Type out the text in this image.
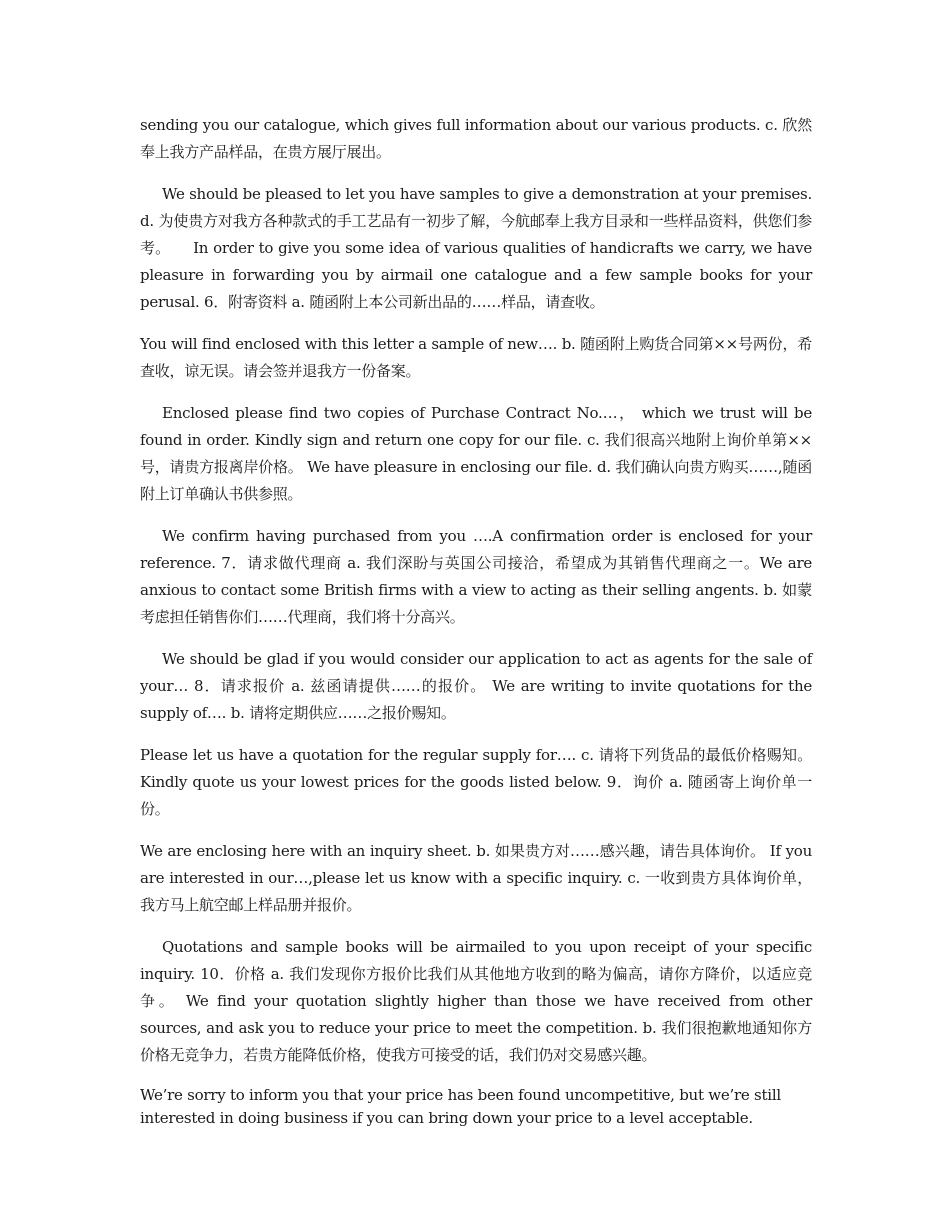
sending you our catalogue, which gives full information about our various products. c. 欣然奉上我方产品样品，在贵方展厅展出。

We should be pleased to let you have samples to give a demonstration at your premises. d. 为使贵方对我方各种款式的手工艺品有一初步了解，今航邮奉上我方目录和一些样品资料，供您们参考。　　In order to give you some idea of various qualities of handicrafts we carry, we have　 pleasure in forwarding you by airmail one catalogue and a few sample books for your perusal. 6．附寄资料 a. 随函附上本公司新出品的……样品，请查收。

You will find enclosed with this letter a sample of new…. b. 随函附上购货合同第××号两份，希查收，谅无误。请会签并退我方一份备案。

Enclosed please find two copies of Purchase Contract No.…， which we trust will be found in order. Kindly sign and return one copy for our file. c. 我们很高兴地附上询价单第××号，请贵方报离岸价格。 We have pleasure in enclosing our file. d. 我们确认向贵方购买……,随函附上订单确认书供参照。

We confirm having purchased from you ….A confirmation order is enclosed for your reference. 7．请求做代理商 a. 我们深盼与英国公司接洽，希望成为其销售代理商之一。We are anxious to contact some British firms with a view to acting as their selling angents. b. 如蒙考虑担任销售你们……代理商，我们将十分高兴。

We should be glad if you would consider our application to act as agents for the sale of your… 8．请求报价 a. 兹函请提供……的报价。 We are writing to invite quotations for the supply of…. b. 请将定期供应……之报价赐知。

Please let us have a quotation for the regular supply for…. c. 请将下列货品的最低价格赐知。Kindly quote us your lowest prices for the goods listed below. 9．询价 a. 随函寄上询价单一份。

We are enclosing here with an inquiry sheet. b. 如果贵方对……感兴趣，请告具体询价。 If you are interested in our…,please let us know with a specific inquiry. c. 一收到贵方具体询价单，我方马上航空邮上样品册并报价。

Quotations and sample books will be airmailed to you upon receipt of your specific inquiry. 10．价格 a. 我们发现你方报价比我们从其他地方收到的略为偏高，请你方降价，以适应竞争。 We find your quotation slightly higher than those we have received from other sources, and ask you to reduce your price to meet the competition. b. 我们很抱歉地通知你方价格无竞争力，若贵方能降低价格，使我方可接受的话，我们仍对交易感兴趣。

We’re sorry to inform you that your price has been found uncompetitive, but we’re still interested in doing business if you can bring down your price to a level acceptable.
